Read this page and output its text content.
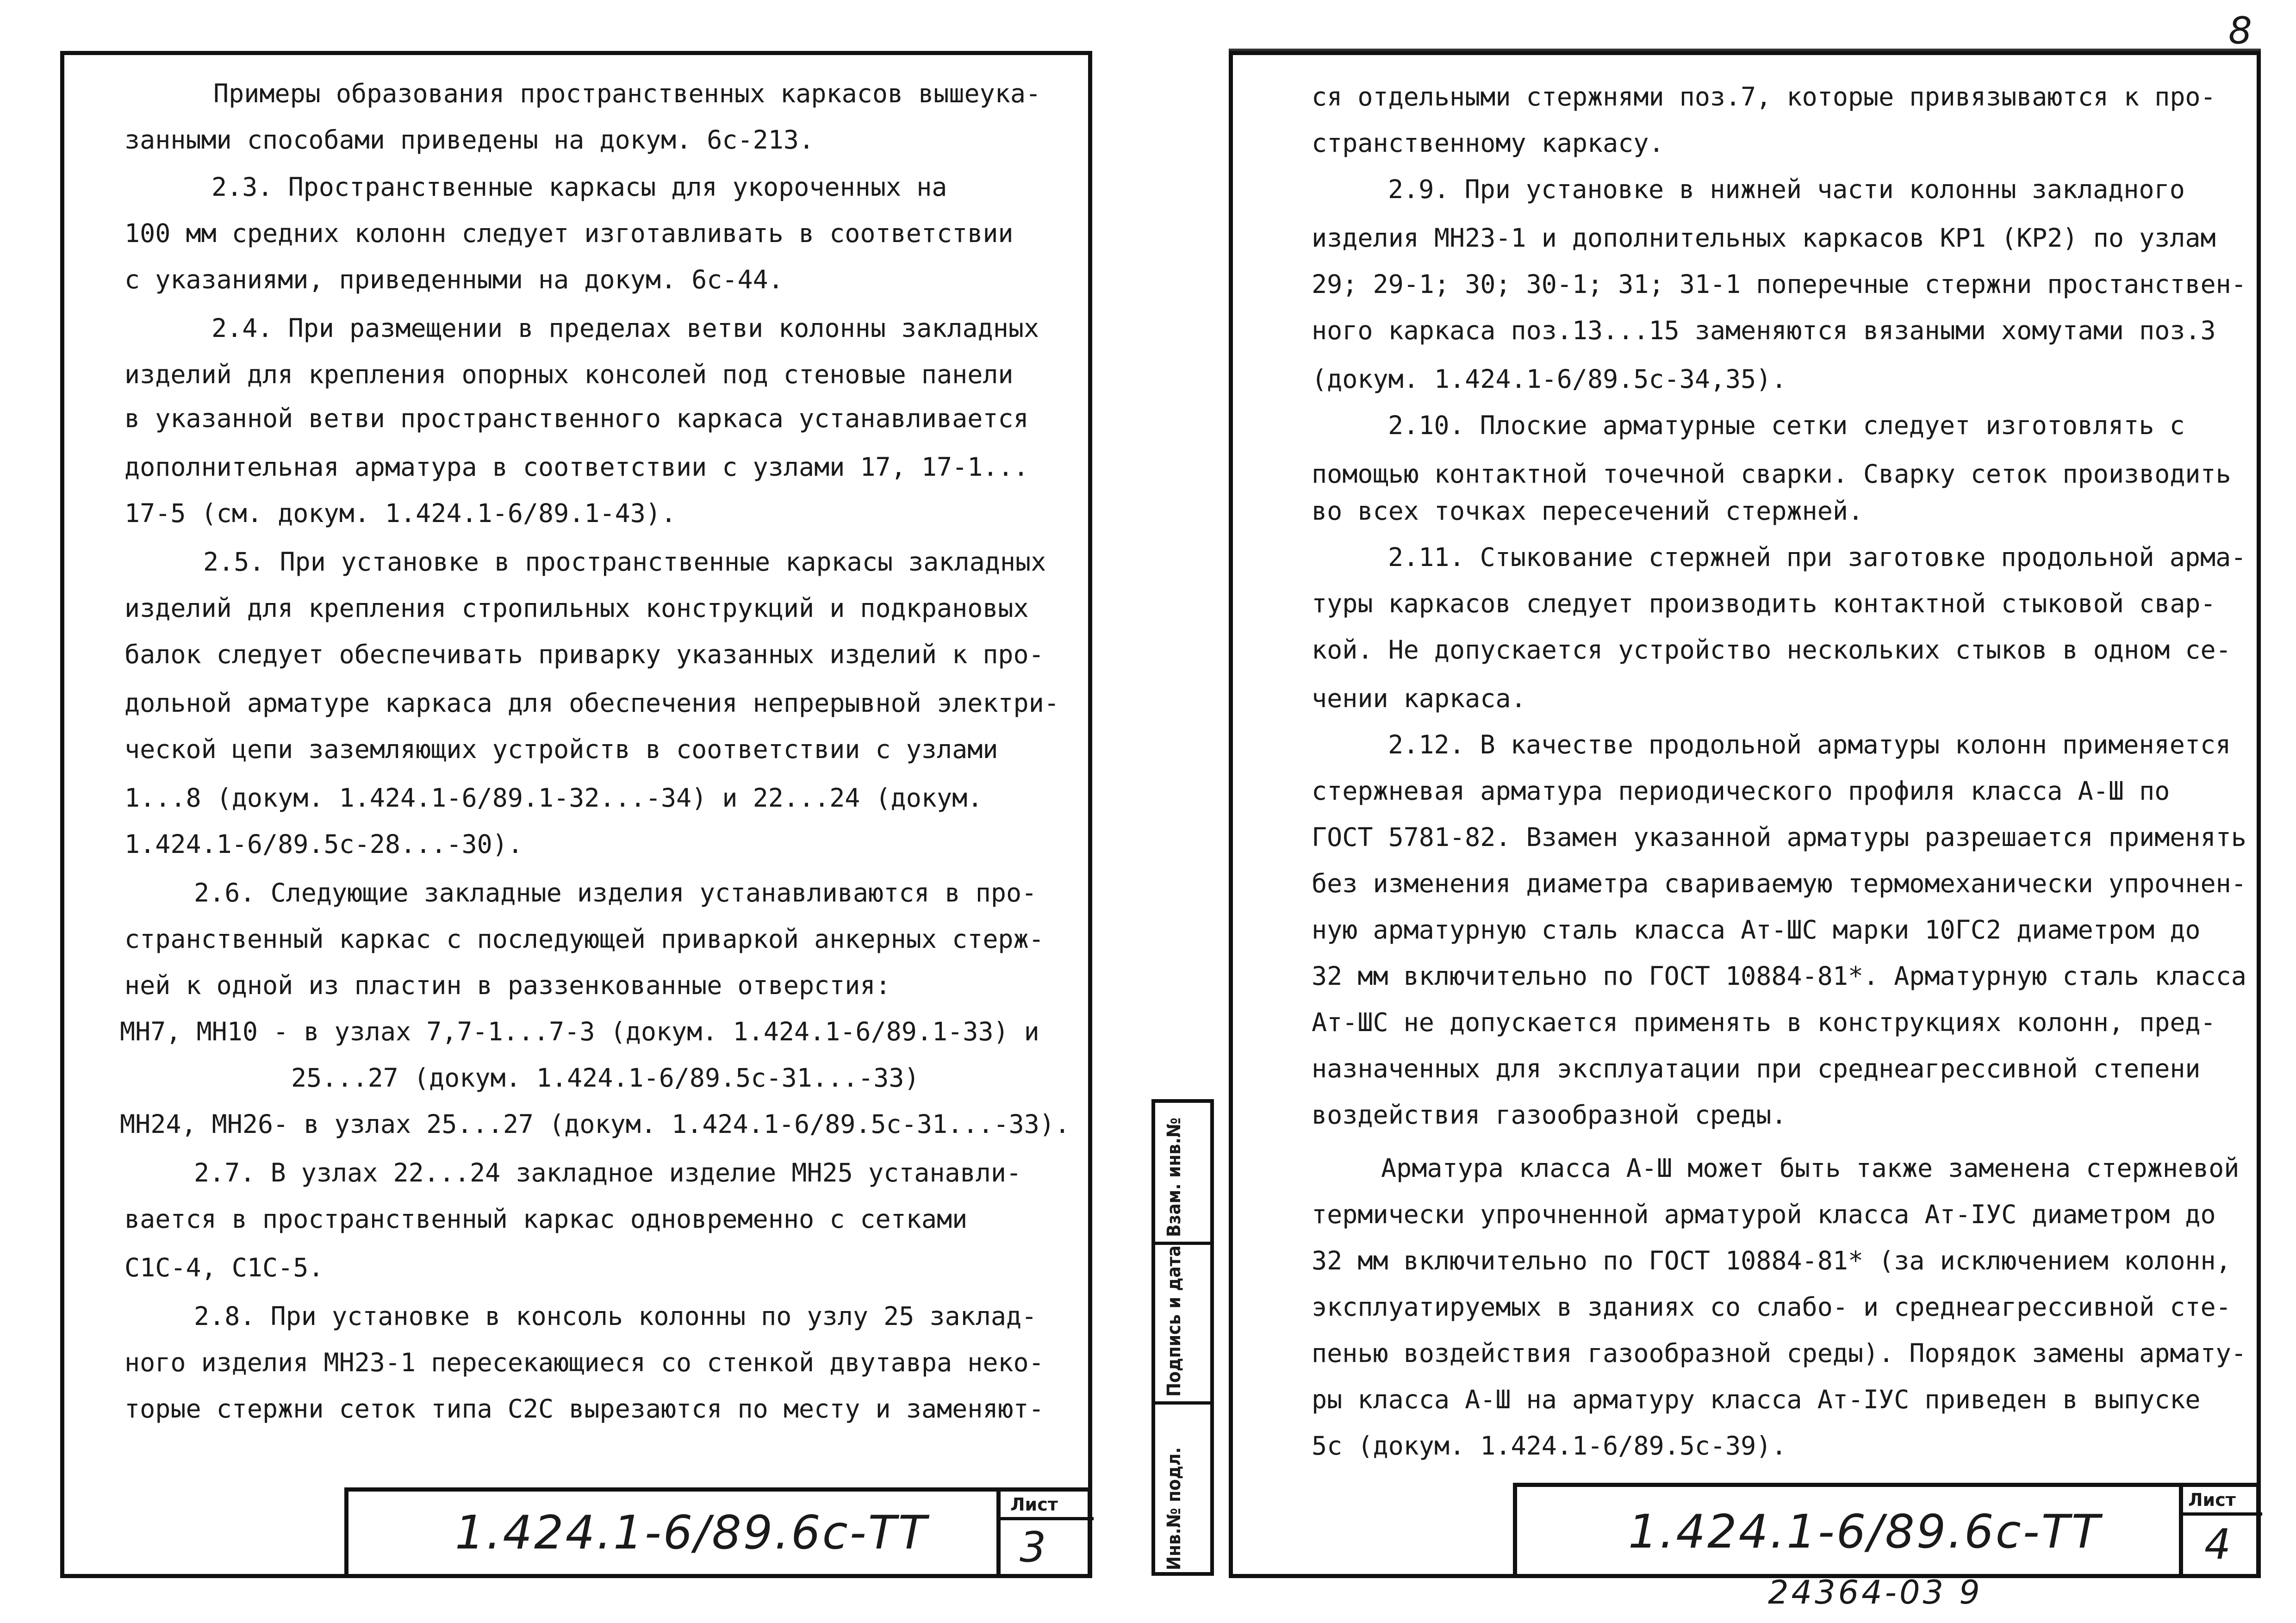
Примеры образования пространственных каркасов вышеука-
занными способами приведены на докум. 6с-213.
2.3. Пространственные каркасы для укороченных на
100 мм средних колонн следует изготавливать в соответствии
с указаниями, приведенными на докум. 6с-44.
2.4. При размещении в пределах ветви колонны закладных
изделий для крепления опорных консолей под стеновые панели
в указанной ветви пространственного каркаса устанавливается
дополнительная арматура в соответствии с узлами 17, 17-1...
17-5 (см. докум. 1.424.1-6/89.1-43).
2.5. При установке в пространственные каркасы закладных
изделий для крепления стропильных конструкций и подкрановых
балок следует обеспечивать приварку указанных изделий к про-
дольной арматуре каркаса для обеспечения непрерывной электри-
ческой цепи заземляющих устройств в соответствии с узлами
1...8 (докум. 1.424.1-6/89.1-32...-34) и 22...24 (докум.
1.424.1-6/89.5с-28...-30).
2.6. Следующие закладные изделия устанавливаются в про-
странственный каркас с последующей приваркой анкерных стерж-
ней к одной из пластин в раззенкованные отверстия:
МН7, МН10 - в узлах 7,7-1...7-3 (докум. 1.424.1-6/89.1-33) и
25...27 (докум. 1.424.1-6/89.5с-31...-33)
МН24, МН26- в узлах 25...27 (докум. 1.424.1-6/89.5с-31...-33).
2.7. В узлах 22...24 закладное изделие МН25 устанавли-
вается в пространственный каркас одновременно с сетками
С1С-4, С1С-5.
2.8. При установке в консоль колонны по узлу 25 заклад-
ного изделия МН23-1 пересекающиеся со стенкой двутавра неко-
торые стержни сеток типа С2С вырезаются по месту и заменяют-
1.424.1-6/89.6с-ТТ
Лист
3
Взам. инв.№
Подпись и дата
Инв.№ подл.
ся отдельными стержнями поз.7, которые привязываются к про-
странственному каркасу.
2.9. При установке в нижней части колонны закладного
изделия МН23-1 и дополнительных каркасов КР1 (КР2) по узлам
29; 29-1; 30; 30-1; 31; 31-1 поперечные стержни простанствен-
ного каркаса поз.13...15 заменяются вязаными хомутами поз.3
(докум. 1.424.1-6/89.5с-34,35).
2.10. Плоские арматурные сетки следует изготовлять с
помощью контактной точечной сварки. Сварку сеток производить
во всех точках пересечений стержней.
2.11. Стыкование стержней при заготовке продольной арма-
туры каркасов следует производить контактной стыковой свар-
кой. Не допускается устройство нескольких стыков в одном се-
чении каркаса.
2.12. В качестве продольной арматуры колонн применяется
стержневая арматура периодического профиля класса А-Ш по
ГОСТ 5781-82. Взамен указанной арматуры разрешается применять
без изменения диаметра свариваемую термомеханически упрочнен-
ную арматурную сталь класса Ат-ШС марки 10ГС2 диаметром до
32 мм включительно по ГОСТ 10884-81*. Арматурную сталь класса
Ат-ШС не допускается применять в конструкциях колонн, пред-
назначенных для эксплуатации при среднеагрессивной степени
воздействия газообразной среды.
Арматура класса А-Ш может быть также заменена стержневой
термически упрочненной арматурой класса Ат-IУС диаметром до
32 мм включительно по ГОСТ 10884-81* (за исключением колонн,
эксплуатируемых в зданиях со слабо- и среднеагрессивной сте-
пенью воздействия газообразной среды). Порядок замены армату-
ры класса А-Ш на арматуру класса Ат-IУС приведен в выпуске
5с (докум. 1.424.1-6/89.5с-39).
1.424.1-6/89.6с-ТТ
Лист
4
8
24364-03 9
